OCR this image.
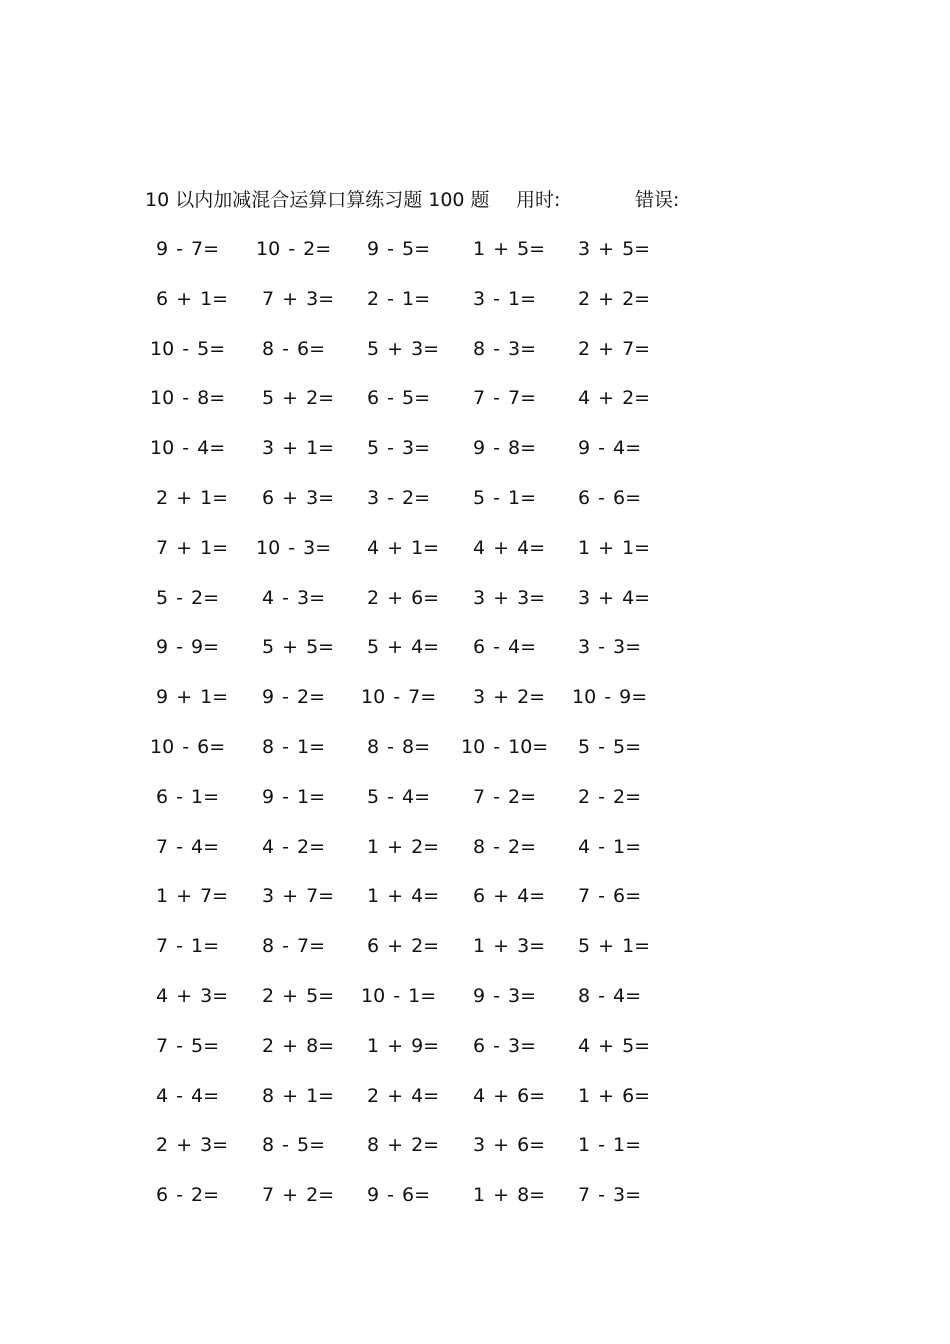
10 以内加减混合运算口算练习题 100 题 用时:	错误:
9 - 7= 10 - 2= 9 - 5= 1 + 5= 3 + 5=
6 + 1= 7 + 3= 2 - 1= 3 - 1= 2 + 2=
10 - 5= 8 - 6= 5 + 3= 8 - 3= 2 + 7=
10 - 8= 5 + 2= 6 - 5= 7 - 7= 4 + 2=
10 - 4= 3 + 1= 5 - 3= 9 - 8= 9 - 4=
2 + 1= 6 + 3= 3 - 2= 5 - 1= 6 - 6=
7 + 1= 10 - 3= 4 + 1= 4 + 4= 1 + 1=
5 - 2= 4 - 3= 2 + 6= 3 + 3= 3 + 4=
9 - 9= 5 + 5= 5 + 4= 6 - 4= 3 - 3=
9 + 1= 9 - 2= 10 - 7= 3 + 2= 10 - 9=
10 - 6= 8 - 1= 8 - 8= 10 - 10= 5 - 5=
6 - 1= 9 - 1= 5 - 4= 7 - 2= 2 - 2=
7 - 4= 4 - 2= 1 + 2= 8 - 2= 4 - 1=
1 + 7= 3 + 7= 1 + 4= 6 + 4= 7 - 6=
7 - 1= 8 - 7= 6 + 2= 1 + 3= 5 + 1=
4 + 3= 2 + 5= 10 - 1= 9 - 3= 8 - 4=
7 - 5= 2 + 8= 1 + 9= 6 - 3= 4 + 5=
4 - 4= 8 + 1= 2 + 4= 4 + 6= 1 + 6=
2 + 3= 8 - 5= 8 + 2= 3 + 6= 1 - 1=
6 - 2= 7 + 2= 9 - 6= 1 + 8= 7 - 3=
